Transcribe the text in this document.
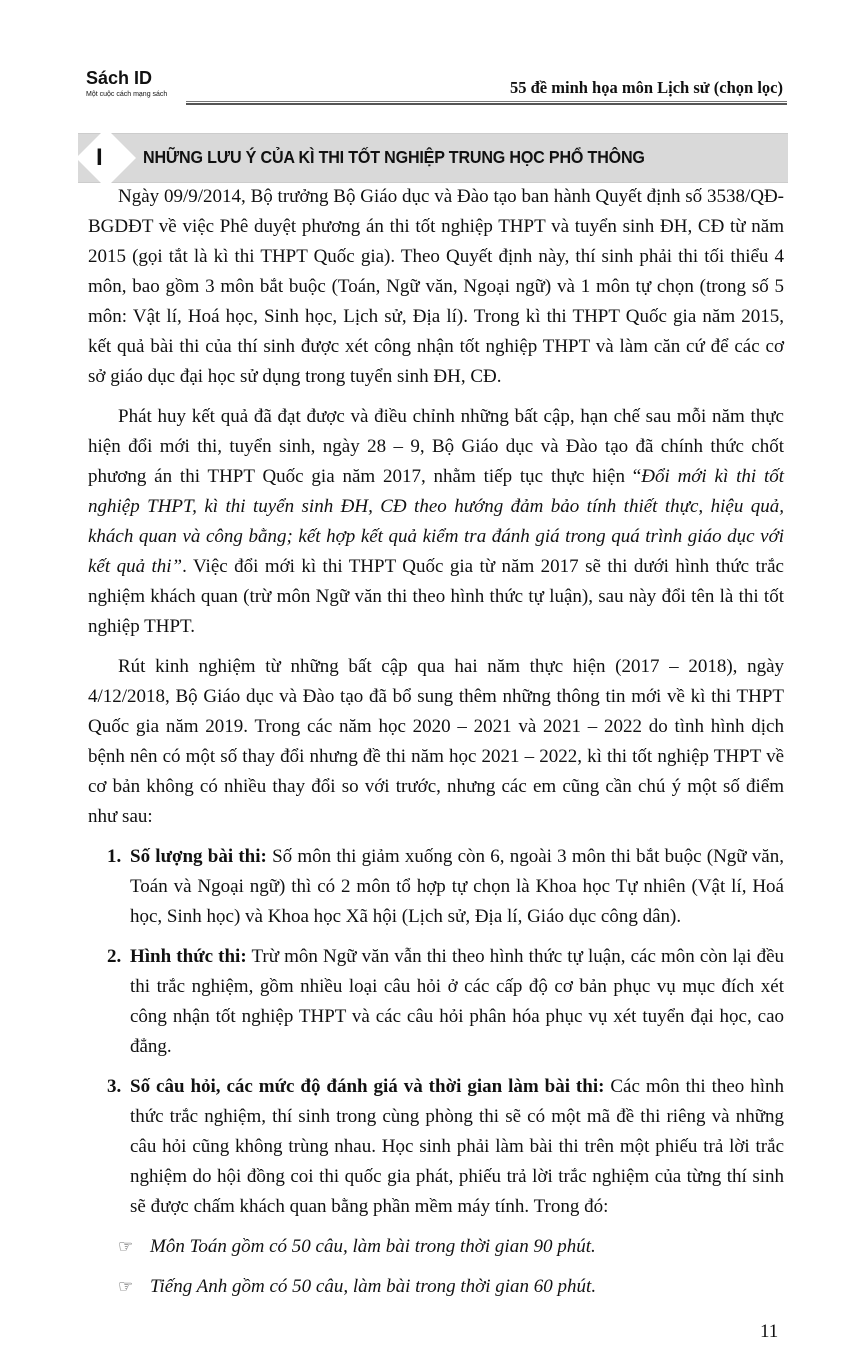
Sách ID
Một cuộc cách mạng sách	55 đề minh họa môn Lịch sử (chọn lọc)
I NHỮNG LƯU Ý CỦA KÌ THI TỐT NGHIỆP TRUNG HỌC PHỔ THÔNG

Ngày 09/9/2014, Bộ trưởng Bộ Giáo dục và Đào tạo ban hành Quyết định số 3538/QĐ-BGDĐT về việc Phê duyệt phương án thi tốt nghiệp THPT và tuyển sinh ĐH, CĐ từ năm 2015 (gọi tắt là kì thi THPT Quốc gia). Theo Quyết định này, thí sinh phải thi tối thiểu 4 môn, bao gồm 3 môn bắt buộc (Toán, Ngữ văn, Ngoại ngữ) và 1 môn tự chọn (trong số 5 môn: Vật lí, Hoá học, Sinh học, Lịch sử, Địa lí). Trong kì thi THPT Quốc gia năm 2015, kết quả bài thi của thí sinh được xét công nhận tốt nghiệp THPT và làm căn cứ để các cơ sở giáo dục đại học sử dụng trong tuyển sinh ĐH, CĐ.

Phát huy kết quả đã đạt được và điều chỉnh những bất cập, hạn chế sau mỗi năm thực hiện đổi mới thi, tuyển sinh, ngày 28 – 9, Bộ Giáo dục và Đào tạo đã chính thức chốt phương án thi THPT Quốc gia năm 2017, nhằm tiếp tục thực hiện “Đổi mới kì thi tốt nghiệp THPT, kì thi tuyển sinh ĐH, CĐ theo hướng đảm bảo tính thiết thực, hiệu quả, khách quan và công bằng; kết hợp kết quả kiểm tra đánh giá trong quá trình giáo dục với kết quả thi”. Việc đổi mới kì thi THPT Quốc gia từ năm 2017 sẽ thi dưới hình thức trắc nghiệm khách quan (trừ môn Ngữ văn thi theo hình thức tự luận), sau này đổi tên là thi tốt nghiệp THPT.

Rút kinh nghiệm từ những bất cập qua hai năm thực hiện (2017 – 2018), ngày 4/12/2018, Bộ Giáo dục và Đào tạo đã bổ sung thêm những thông tin mới về kì thi THPT Quốc gia năm 2019. Trong các năm học 2020 – 2021 và 2021 – 2022 do tình hình dịch bệnh nên có một số thay đổi nhưng đề thi năm học 2021 – 2022, kì thi tốt nghiệp THPT về cơ bản không có nhiều thay đổi so với trước, nhưng các em cũng cần chú ý một số điểm như sau:

1. Số lượng bài thi: Số môn thi giảm xuống còn 6, ngoài 3 môn thi bắt buộc (Ngữ văn, Toán và Ngoại ngữ) thì có 2 môn tổ hợp tự chọn là Khoa học Tự nhiên (Vật lí, Hoá học, Sinh học) và Khoa học Xã hội (Lịch sử, Địa lí, Giáo dục công dân).
2. Hình thức thi: Trừ môn Ngữ văn vẫn thi theo hình thức tự luận, các môn còn lại đều thi trắc nghiệm, gồm nhiều loại câu hỏi ở các cấp độ cơ bản phục vụ mục đích xét công nhận tốt nghiệp THPT và các câu hỏi phân hóa phục vụ xét tuyển đại học, cao đẳng.
3. Số câu hỏi, các mức độ đánh giá và thời gian làm bài thi: Các môn thi theo hình thức trắc nghiệm, thí sinh trong cùng phòng thi sẽ có một mã đề thi riêng và những câu hỏi cũng không trùng nhau. Học sinh phải làm bài thi trên một phiếu trả lời trắc nghiệm do hội đồng coi thi quốc gia phát, phiếu trả lời trắc nghiệm của từng thí sinh sẽ được chấm khách quan bằng phần mềm máy tính. Trong đó:
☞ Môn Toán gồm có 50 câu, làm bài trong thời gian 90 phút.
☞ Tiếng Anh gồm có 50 câu, làm bài trong thời gian 60 phút.
11
